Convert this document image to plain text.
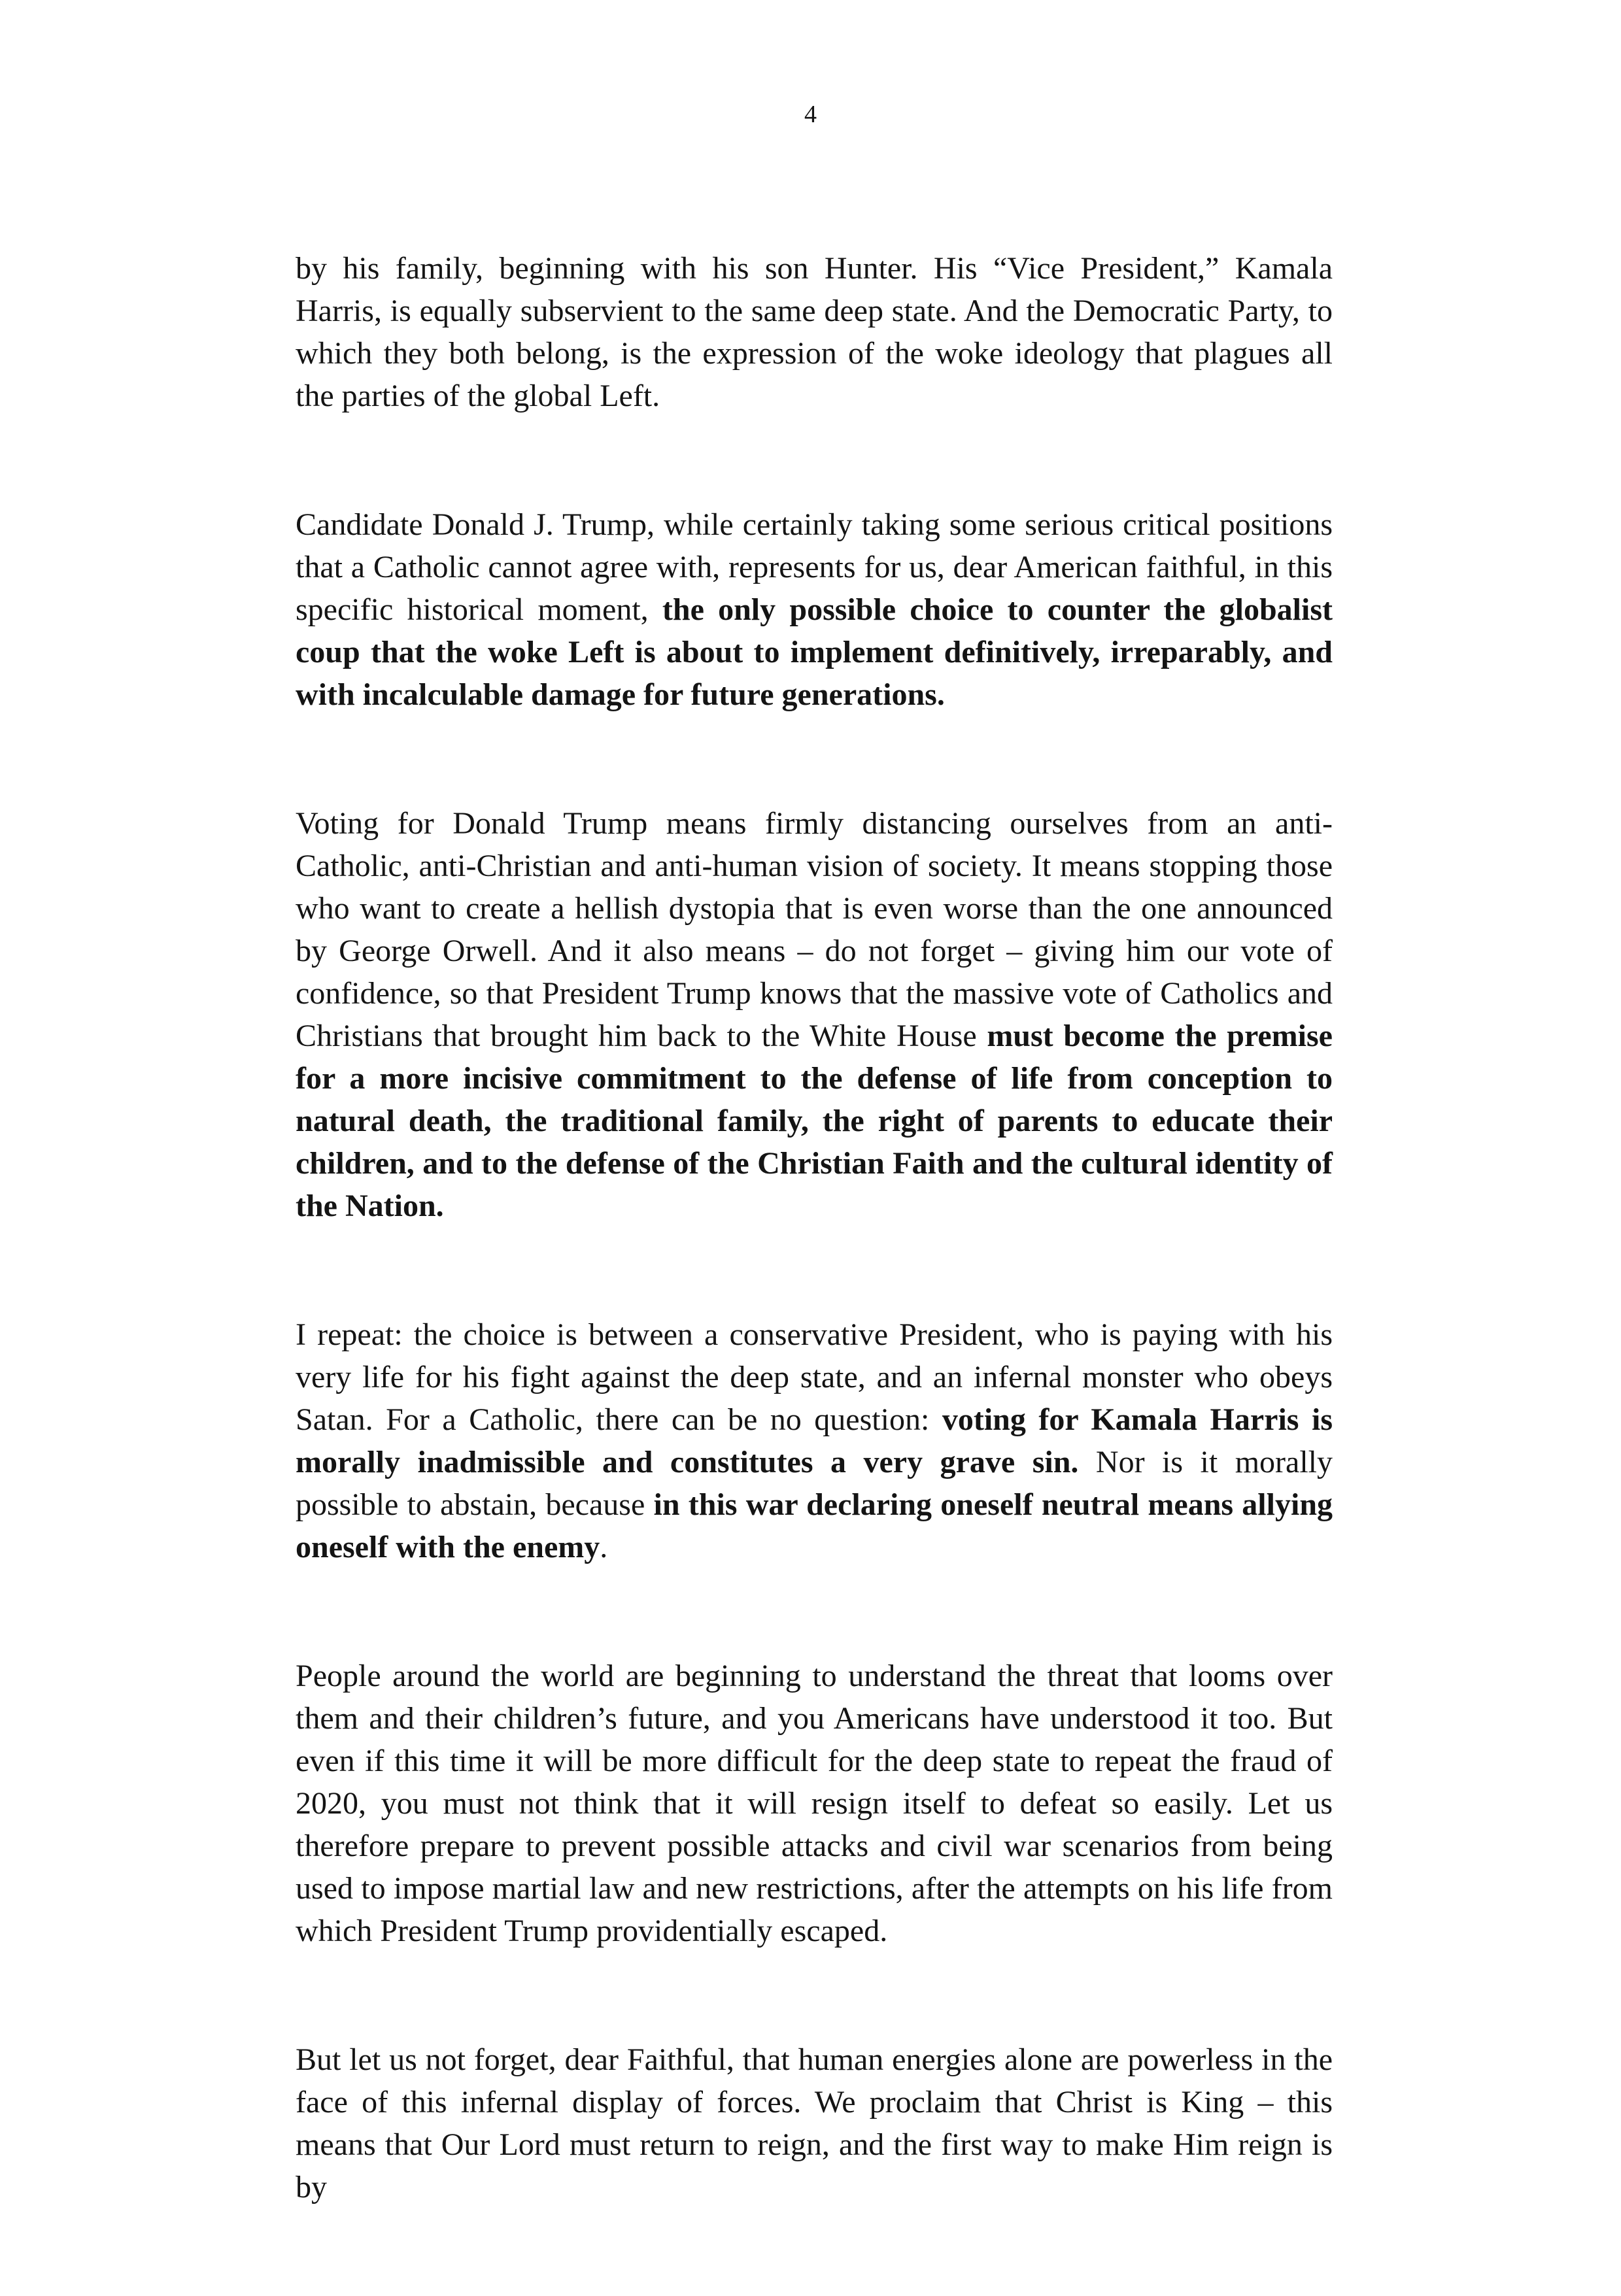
4

by his family, beginning with his son Hunter. His “Vice President,” Kamala Harris, is equally subservient to the same deep state. And the Democratic Party, to which they both belong, is the expression of the woke ideology that plagues all the parties of the global Left.

Candidate Donald J. Trump, while certainly taking some serious critical positions that a Catholic cannot agree with, represents for us, dear American faithful, in this specific historical moment, the only possible choice to counter the globalist coup that the woke Left is about to implement definitively, irreparably, and with incalculable damage for future generations.

Voting for Donald Trump means firmly distancing ourselves from an anti-Catholic, anti-Christian and anti-human vision of society. It means stopping those who want to create a hellish dystopia that is even worse than the one announced by George Orwell. And it also means – do not forget – giving him our vote of confidence, so that President Trump knows that the massive vote of Catholics and Christians that brought him back to the White House must become the premise for a more incisive commitment to the defense of life from conception to natural death, the traditional family, the right of parents to educate their children, and to the defense of the Christian Faith and the cultural identity of the Nation.

I repeat: the choice is between a conservative President, who is paying with his very life for his fight against the deep state, and an infernal monster who obeys Satan. For a Catholic, there can be no question: voting for Kamala Harris is morally inadmissible and constitutes a very grave sin. Nor is it morally possible to abstain, because in this war declaring oneself neutral means allying oneself with the enemy.

People around the world are beginning to understand the threat that looms over them and their children’s future, and you Americans have understood it too. But even if this time it will be more difficult for the deep state to repeat the fraud of 2020, you must not think that it will resign itself to defeat so easily. Let us therefore prepare to prevent possible attacks and civil war scenarios from being used to impose martial law and new restrictions, after the attempts on his life from which President Trump providentially escaped.

But let us not forget, dear Faithful, that human energies alone are powerless in the face of this infernal display of forces. We proclaim that Christ is King – this means that Our Lord must return to reign, and the first way to make Him reign is by
